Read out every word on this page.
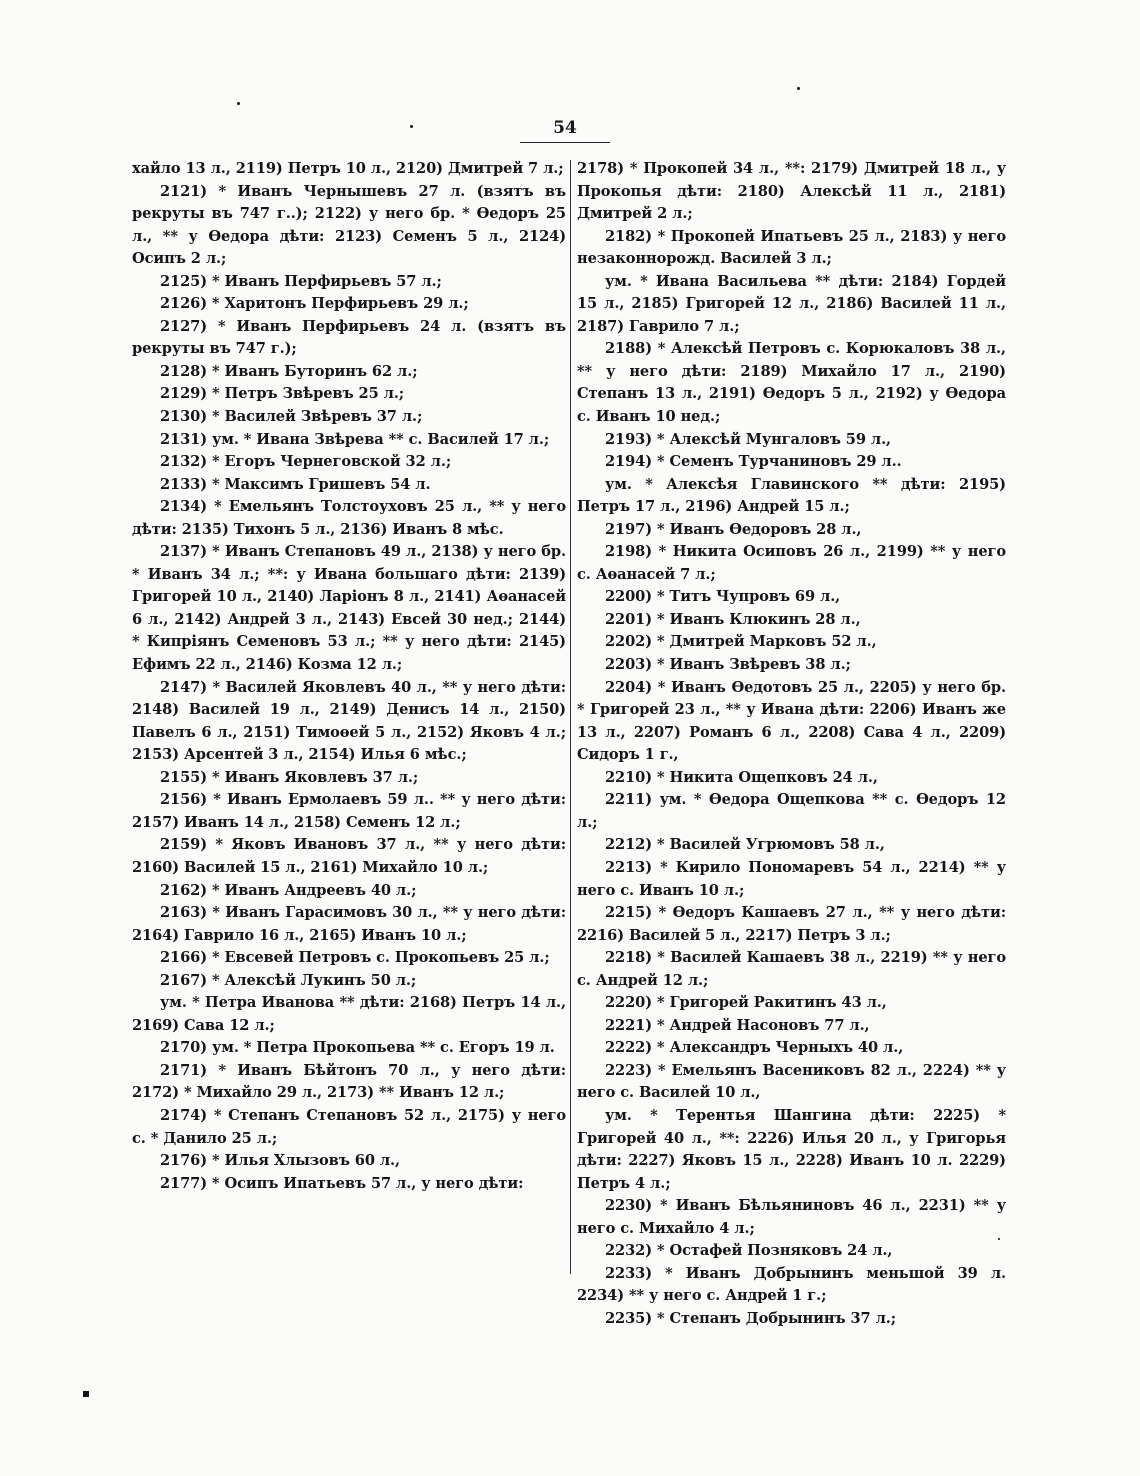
54

хайло 13 л., 2119) Петръ 10 л., 2120) Дмитрей 7 л.;

2121) * Иванъ Чернышевъ 27 л. (взятъ въ рекруты въ 747 г..); 2122) у него бр. * Өедоръ 25 л., ** у Өедора дѣти: 2123) Семенъ 5 л., 2124) Осипъ 2 л.;

2125) * Иванъ Перфирьевъ 57 л.;

2126) * Харитонъ Перфирьевъ 29 л.;

2127) * Иванъ Перфирьевъ 24 л. (взятъ въ рекруты въ 747 г.);

2128) * Иванъ Буторинъ 62 л.;

2129) * Петръ Звѣревъ 25 л.;

2130) * Василей Звѣревъ 37 л.;

2131) ум. * Ивана Звѣрева ** с. Василей 17 л.;

2132) * Егоръ Чернеговской 32 л.;

2133) * Максимъ Гришевъ 54 л.

2134) * Емельянъ Толстоуховъ 25 л., ** у него дѣти: 2135) Тихонъ 5 л., 2136) Иванъ 8 мѣс.

2137) * Иванъ Степановъ 49 л., 2138) у него бр. * Иванъ 34 л.; **: у Ивана большаго дѣти: 2139) Григорей 10 л., 2140) Ларіонъ 8 л., 2141) Аөанасей 6 л., 2142) Андрей 3 л., 2143) Евсей 30 нед.; 2144) * Кипріянъ Семеновъ 53 л.; ** у него дѣти: 2145) Ефимъ 22 л., 2146) Козма 12 л.;

2147) * Василей Яковлевъ 40 л., ** у него дѣти: 2148) Василей 19 л., 2149) Денисъ 14 л., 2150) Павелъ 6 л., 2151) Тимоөей 5 л., 2152) Яковъ 4 л.; 2153) Арсентей 3 л., 2154) Илья 6 мѣс.;

2155) * Иванъ Яковлевъ 37 л.;

2156) * Иванъ Ермолаевъ 59 л.. ** у него дѣти: 2157) Иванъ 14 л., 2158) Семенъ 12 л.;

2159) * Яковъ Ивановъ 37 л., ** у него дѣти: 2160) Василей 15 л., 2161) Михайло 10 л.;

2162) * Иванъ Андреевъ 40 л.;

2163) * Иванъ Гарасимовъ 30 л., ** у него дѣти: 2164) Гаврило 16 л., 2165) Иванъ 10 л.;

2166) * Евсевей Петровъ с. Прокопьевъ 25 л.;

2167) * Алексѣй Лукинъ 50 л.;

ум. * Петра Иванова ** дѣти: 2168) Петръ 14 л., 2169) Сава 12 л.;

2170) ум. * Петра Прокопьева ** с. Егоръ 19 л.

2171) * Иванъ Бѣйтонъ 70 л., у него дѣти: 2172) * Михайло 29 л., 2173) ** Иванъ 12 л.;

2174) * Степанъ Степановъ 52 л., 2175) у него с. * Данило 25 л.;

2176) * Илья Хлызовъ 60 л.,

2177) * Осипъ Ипатьевъ 57 л., у него дѣти:

2178) * Прокопей 34 л., **: 2179) Дмитрей 18 л., у Прокопья дѣти: 2180) Алексѣй 11 л., 2181) Дмитрей 2 л.;

2182) * Прокопей Ипатьевъ 25 л., 2183) у него незаконнорожд. Василей 3 л.;

ум. * Ивана Васильева ** дѣти: 2184) Гордей 15 л., 2185) Григорей 12 л., 2186) Василей 11 л., 2187) Гаврило 7 л.;

2188) * Алексѣй Петровъ с. Корюкаловъ 38 л., ** у него дѣти: 2189) Михайло 17 л., 2190) Степанъ 13 л., 2191) Өедоръ 5 л., 2192) у Өедора с. Иванъ 10 нед.;

2193) * Алексѣй Мунгаловъ 59 л.,

2194) * Семенъ Турчаниновъ 29 л..

ум. * Алексѣя Главинского ** дѣти: 2195) Петръ 17 л., 2196) Андрей 15 л.;

2197) * Иванъ Өедоровъ 28 л.,

2198) * Никита Осиповъ 26 л., 2199) ** у него с. Аөанасей 7 л.;

2200) * Титъ Чупровъ 69 л.,

2201) * Иванъ Клюкинъ 28 л.,

2202) * Дмитрей Марковъ 52 л.,

2203) * Иванъ Звѣревъ 38 л.;

2204) * Иванъ Өедотовъ 25 л., 2205) у него бр. * Григорей 23 л., ** у Ивана дѣти: 2206) Иванъ же 13 л., 2207) Романъ 6 л., 2208) Сава 4 л., 2209) Сидоръ 1 г.,

2210) * Никита Ощепковъ 24 л.,

2211) ум. * Өедора Ощепкова ** с. Өедоръ 12 л.;

2212) * Василей Угрюмовъ 58 л.,

2213) * Кирило Пономаревъ 54 л., 2214) ** у него с. Иванъ 10 л.;

2215) * Өедоръ Кашаевъ 27 л., ** у него дѣти: 2216) Василей 5 л., 2217) Петръ 3 л.;

2218) * Василей Кашаевъ 38 л., 2219) ** у него с. Андрей 12 л.;

2220) * Григорей Ракитинъ 43 л.,

2221) * Андрей Насоновъ 77 л.,

2222) * Александръ Черныхъ 40 л.,

2223) * Емельянъ Васениковъ 82 л., 2224) ** у него с. Василей 10 л.,

ум. * Терентья Шангина дѣти: 2225) * Григорей 40 л., **: 2226) Илья 20 л., у Григорья дѣти: 2227) Яковъ 15 л., 2228) Иванъ 10 л. 2229) Петръ 4 л.;

2230) * Иванъ Бѣльяниновъ 46 л., 2231) ** у него с. Михайло 4 л.;

2232) * Остафей Позняковъ 24 л.,

2233) * Иванъ Добрынинъ меньшой 39 л. 2234) ** у него с. Андрей 1 г.;

2235) * Степанъ Добрынинъ 37 л.;
